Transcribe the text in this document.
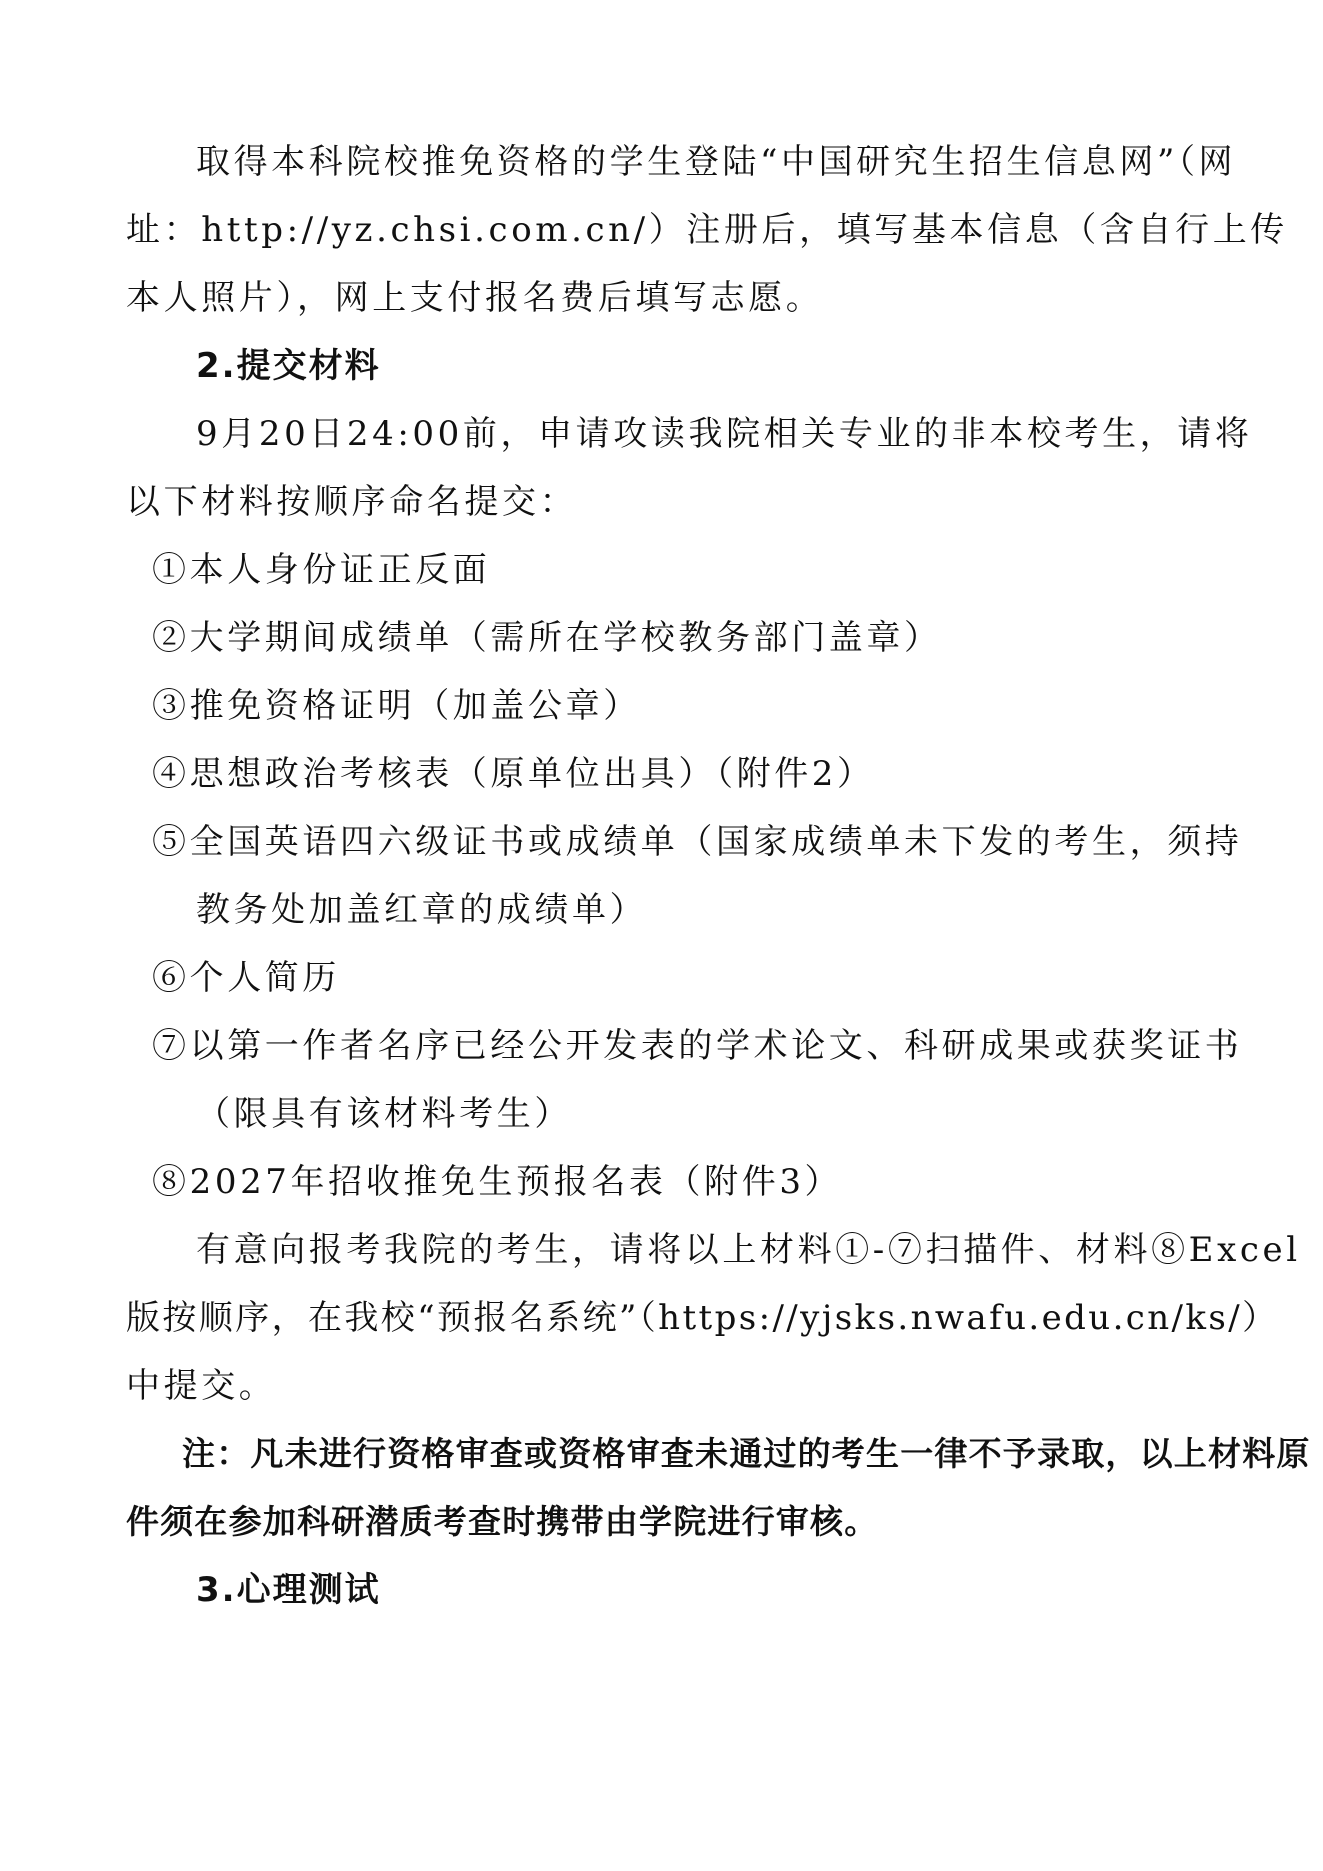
取得本科院校推免资格的学生登陆“中国研究生招生信息网”（网
址：http://yz.chsi.com.cn/）注册后，填写基本信息（含自行上传
本人照片），网上支付报名费后填写志愿。
2.提交材料
9月20日24:00前，申请攻读我院相关专业的非本校考生，请将
以下材料按顺序命名提交：
①本人身份证正反面
②大学期间成绩单（需所在学校教务部门盖章）
③推免资格证明（加盖公章）
④思想政治考核表（原单位出具）（附件2）
⑤全国英语四六级证书或成绩单（国家成绩单未下发的考生，须持
教务处加盖红章的成绩单）
⑥个人简历
⑦以第一作者名序已经公开发表的学术论文、科研成果或获奖证书
（限具有该材料考生）
⑧2027年招收推免生预报名表（附件3）
有意向报考我院的考生，请将以上材料①-⑦扫描件、材料⑧Excel
版按顺序，在我校“预报名系统”（https://yjsks.nwafu.edu.cn/ks/）
中提交。
注：凡未进行资格审查或资格审查未通过的考生一律不予录取，以上材料原
件须在参加科研潜质考查时携带由学院进行审核。
3.心理测试
